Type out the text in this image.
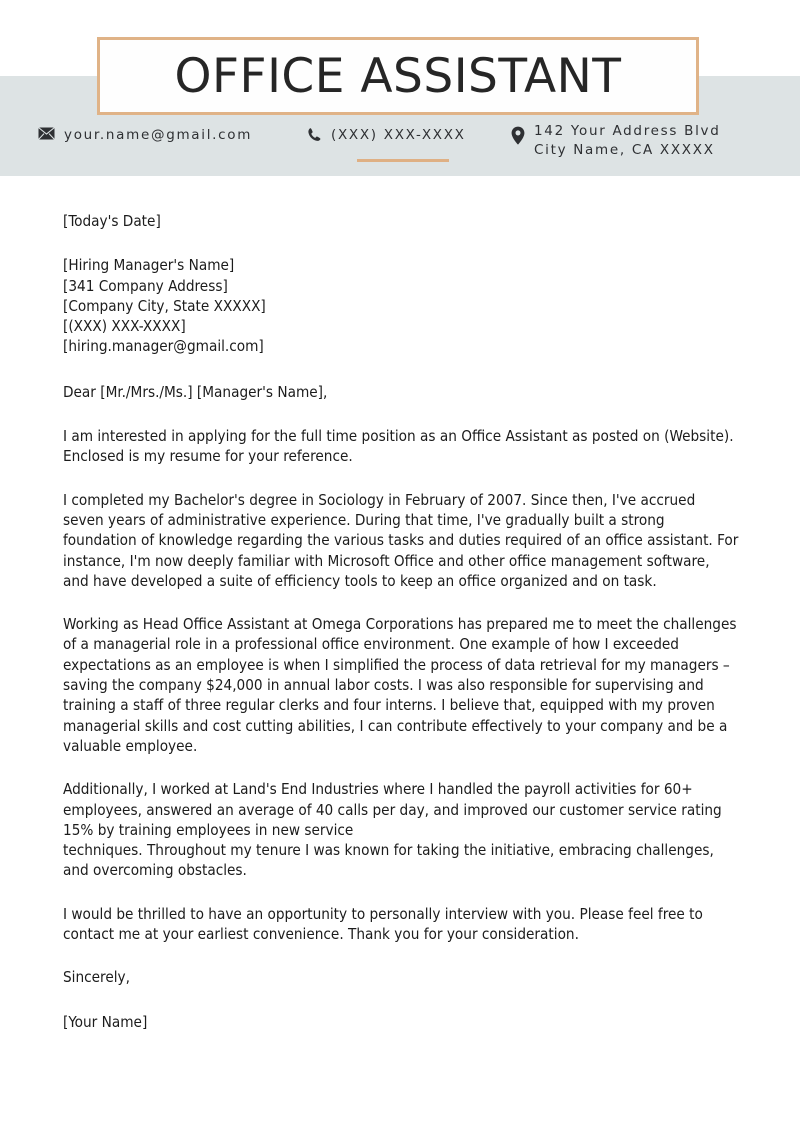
OFFICE ASSISTANT
your.name@gmail.com	(XXX) XXX-XXXX	142 Your Address Blvd
City Name, CA XXXXX
[Today's Date]
[Hiring Manager's Name]
[341 Company Address]
[Company City, State XXXXX]
[(XXX) XXX-XXXX]
[hiring.manager@gmail.com]
Dear [Mr./Mrs./Ms.] [Manager's Name],
I am interested in applying for the full time position as an Office Assistant as posted on (Website). Enclosed is my resume for your reference.
I completed my Bachelor's degree in Sociology in February of 2007. Since then, I've accrued seven years of administrative experience. During that time, I've gradually built a strong foundation of knowledge regarding the various tasks and duties required of an office assistant. For instance, I'm now deeply familiar with Microsoft Office and other office management software, and have developed a suite of efficiency tools to keep an office organized and on task.
Working as Head Office Assistant at Omega Corporations has prepared me to meet the challenges of a managerial role in a professional office environment. One example of how I exceeded expectations as an employee is when I simplified the process of data retrieval for my managers – saving the company $24,000 in annual labor costs. I was also responsible for supervising and training a staff of three regular clerks and four interns. I believe that, equipped with my proven managerial skills and cost cutting abilities, I can contribute effectively to your company and be a valuable employee.
Additionally, I worked at Land's End Industries where I handled the payroll activities for 60+ employees, answered an average of 40 calls per day, and improved our customer service rating 15% by training employees in new service
techniques. Throughout my tenure I was known for taking the initiative, embracing challenges, and overcoming obstacles.
I would be thrilled to have an opportunity to personally interview with you. Please feel free to contact me at your earliest convenience. Thank you for your consideration.
Sincerely,
[Your Name]
